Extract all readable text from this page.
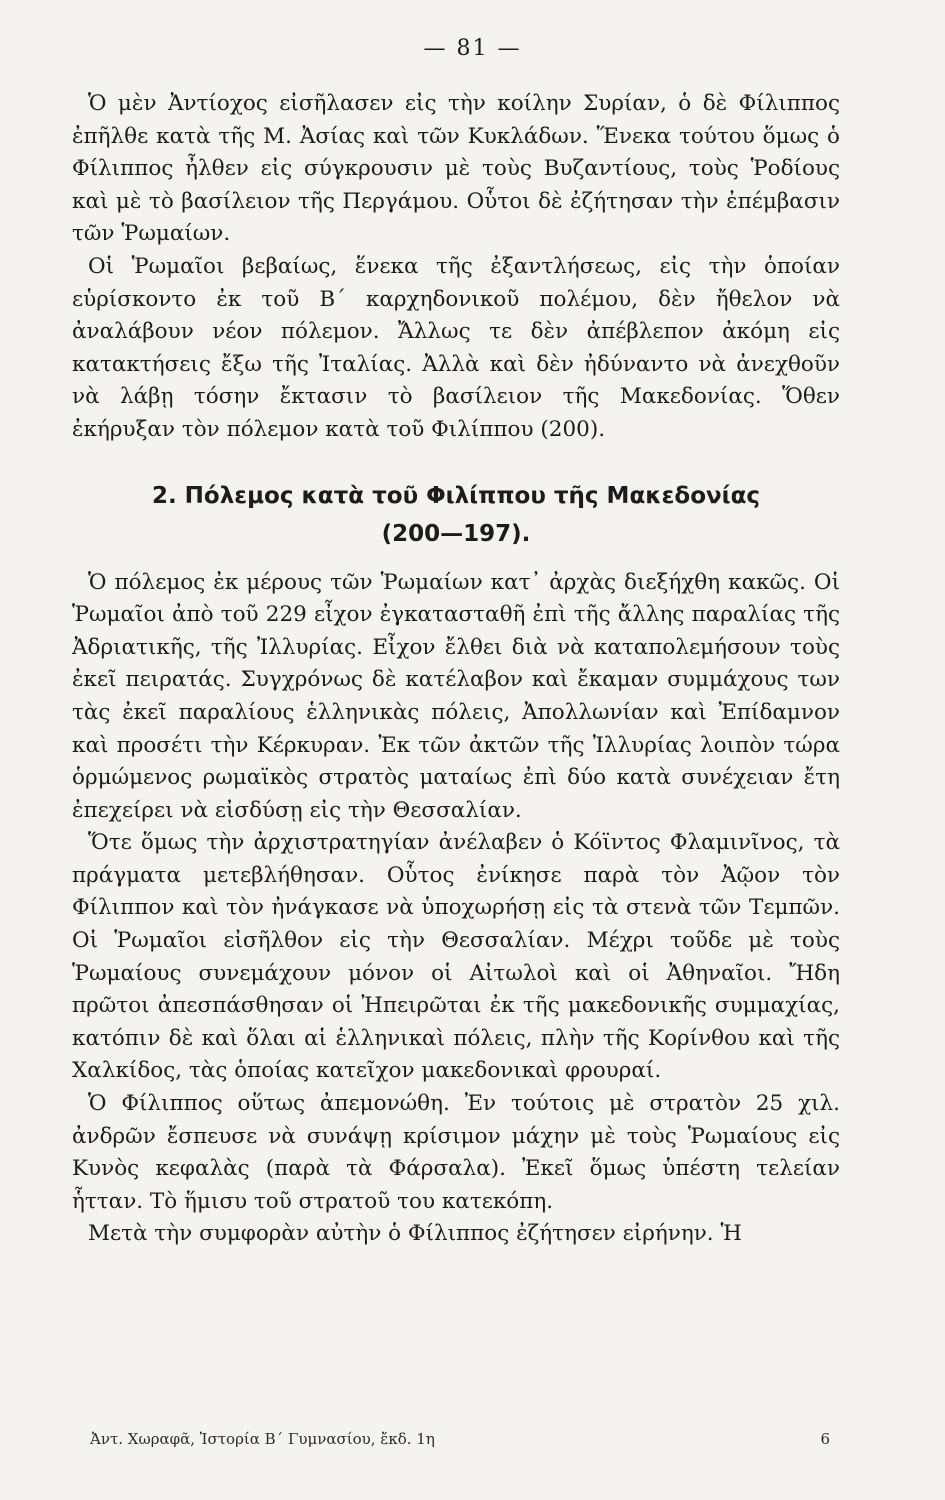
— 81 —

Ὁ μὲν Ἀντίοχος εἰσῆλασεν εἰς τὴν κοίλην Συρίαν, ὁ δὲ Φίλιππος ἐπῆλθε κατὰ τῆς Μ. Ἀσίας καὶ τῶν Κυκλάδων. Ἕνεκα τούτου ὅμως ὁ Φίλιππος ἦλθεν εἰς σύγκρουσιν μὲ τοὺς Βυζαντίους, τοὺς Ῥοδίους καὶ μὲ τὸ βασίλειον τῆς Περγάμου. Οὗτοι δὲ ἐζήτησαν τὴν ἐπέμβασιν τῶν Ῥωμαίων.

Οἱ Ῥωμαῖοι βεβαίως, ἕνεκα τῆς ἐξαντλήσεως, εἰς τὴν ὁποίαν εὑρίσκοντο ἐκ τοῦ Β΄ καρχηδονικοῦ πολέμου, δὲν ἤθελον νὰ ἀναλάβουν νέον πόλεμον. Ἄλλως τε δὲν ἀπέβλεπον ἀκόμη εἰς κατακτήσεις ἔξω τῆς Ἰταλίας. Ἀλλὰ καὶ δὲν ἠδύναντο νὰ ἀνεχθοῦν νὰ λάβῃ τόσην ἔκτασιν τὸ βασίλειον τῆς Μακεδονίας. Ὅθεν ἐκήρυξαν τὸν πόλεμον κατὰ τοῦ Φιλίππου (200).

2. Πόλεμος κατὰ τοῦ Φιλίππου τῆς Μακεδονίας
(200—197).

Ὁ πόλεμος ἐκ μέρους τῶν Ῥωμαίων κατ᾽ ἀρχὰς διεξήχθη κακῶς. Οἱ Ῥωμαῖοι ἀπὸ τοῦ 229 εἶχον ἐγκατασταθῆ ἐπὶ τῆς ἄλλης παραλίας τῆς Ἀδριατικῆς, τῆς Ἰλλυρίας. Εἶχον ἔλθει διὰ νὰ καταπολεμήσουν τοὺς ἐκεῖ πειρατάς. Συγχρόνως δὲ κατέλαβον καὶ ἔκαμαν συμμάχους των τὰς ἐκεῖ παραλίους ἑλληνικὰς πόλεις, Ἀπολλωνίαν καὶ Ἐπίδαμνον καὶ προσέτι τὴν Κέρκυραν. Ἐκ τῶν ἀκτῶν τῆς Ἰλλυρίας λοιπὸν τώρα ὁρμώμενος ρωμαϊκὸς στρατὸς ματαίως ἐπὶ δύο κατὰ συνέχειαν ἔτη ἐπεχείρει νὰ εἰσδύσῃ εἰς τὴν Θεσσαλίαν.

Ὅτε ὅμως τὴν ἀρχιστρατηγίαν ἀνέλαβεν ὁ Κόϊντος Φλαμινῖνος, τὰ πράγματα μετεβλήθησαν. Οὗτος ἐνίκησε παρὰ τὸν Ἀῷον τὸν Φίλιππον καὶ τὸν ἠνάγκασε νὰ ὑποχωρήσῃ εἰς τὰ στενὰ τῶν Τεμπῶν. Οἱ Ῥωμαῖοι εἰσῆλθον εἰς τὴν Θεσσαλίαν. Μέχρι τοῦδε μὲ τοὺς Ῥωμαίους συνεμάχουν μόνον οἱ Αἰτωλοὶ καὶ οἱ Ἀθηναῖοι. Ἤδη πρῶτοι ἀπεσπάσθησαν οἱ Ἠπειρῶται ἐκ τῆς μακεδονικῆς συμμαχίας, κατόπιν δὲ καὶ ὅλαι αἱ ἑλληνικαὶ πόλεις, πλὴν τῆς Κορίνθου καὶ τῆς Χαλκίδος, τὰς ὁποίας κατεῖχον μακεδονικαὶ φρουραί.

Ὁ Φίλιππος οὕτως ἀπεμονώθη. Ἐν τούτοις μὲ στρατὸν 25 χιλ. ἀνδρῶν ἔσπευσε νὰ συνάψῃ κρίσιμον μάχην μὲ τοὺς Ῥωμαίους εἰς Κυνὸς κεφαλὰς (παρὰ τὰ Φάρσαλα). Ἐκεῖ ὅμως ὑπέστη τελείαν ἧτταν. Τὸ ἥμισυ τοῦ στρατοῦ του κατεκόπη.

Μετὰ τὴν συμφορὰν αὐτὴν ὁ Φίλιππος ἐζήτησεν εἰρήνην. Ἡ

Ἀντ. Χωραφᾶ, Ἱστορία Β΄ Γυμνασίου, ἔκδ. 1η	6
